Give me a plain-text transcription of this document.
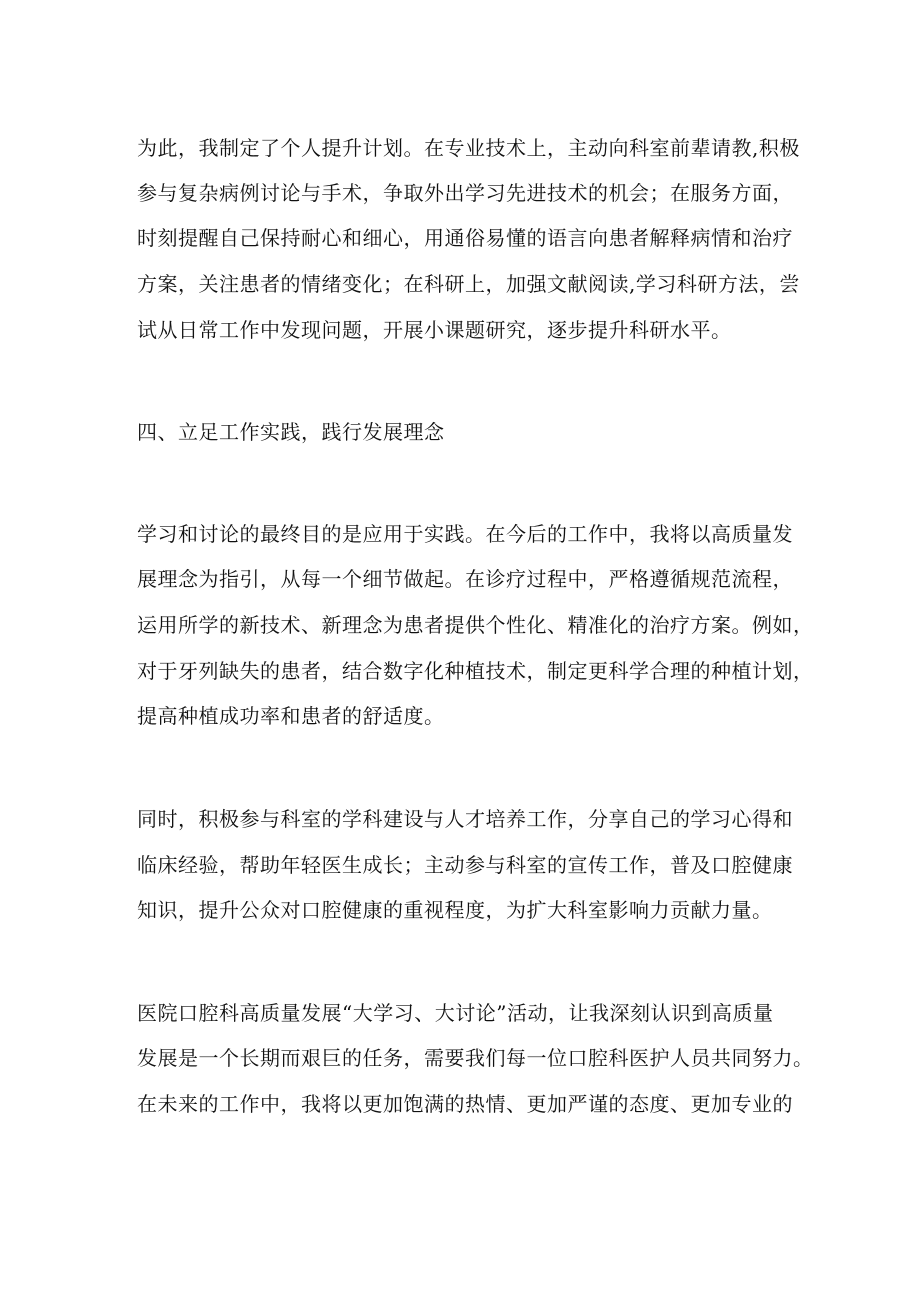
为此，我制定了个人提升计划。在专业技术上，主动向科室前辈请教,积极
参与复杂病例讨论与手术，争取外出学习先进技术的机会；在服务方面，
时刻提醒自己保持耐心和细心，用通俗易懂的语言向患者解释病情和治疗
方案，关注患者的情绪变化；在科研上，加强文献阅读,学习科研方法，尝
试从日常工作中发现问题，开展小课题研究，逐步提升科研水平。
四、立足工作实践，践行发展理念
学习和讨论的最终目的是应用于实践。在今后的工作中，我将以高质量发
展理念为指引，从每一个细节做起。在诊疗过程中，严格遵循规范流程，
运用所学的新技术、新理念为患者提供个性化、精准化的治疗方案。例如，
对于牙列缺失的患者，结合数字化种植技术，制定更科学合理的种植计划，
提高种植成功率和患者的舒适度。
同时，积极参与科室的学科建设与人才培养工作，分享自己的学习心得和
临床经验，帮助年轻医生成长；主动参与科室的宣传工作，普及口腔健康
知识，提升公众对口腔健康的重视程度，为扩大科室影响力贡献力量。
医院口腔科高质量发展“大学习、大讨论”活动，让我深刻认识到高质量
发展是一个长期而艰巨的任务，需要我们每一位口腔科医护人员共同努力。
在未来的工作中，我将以更加饱满的热情、更加严谨的态度、更加专业的
